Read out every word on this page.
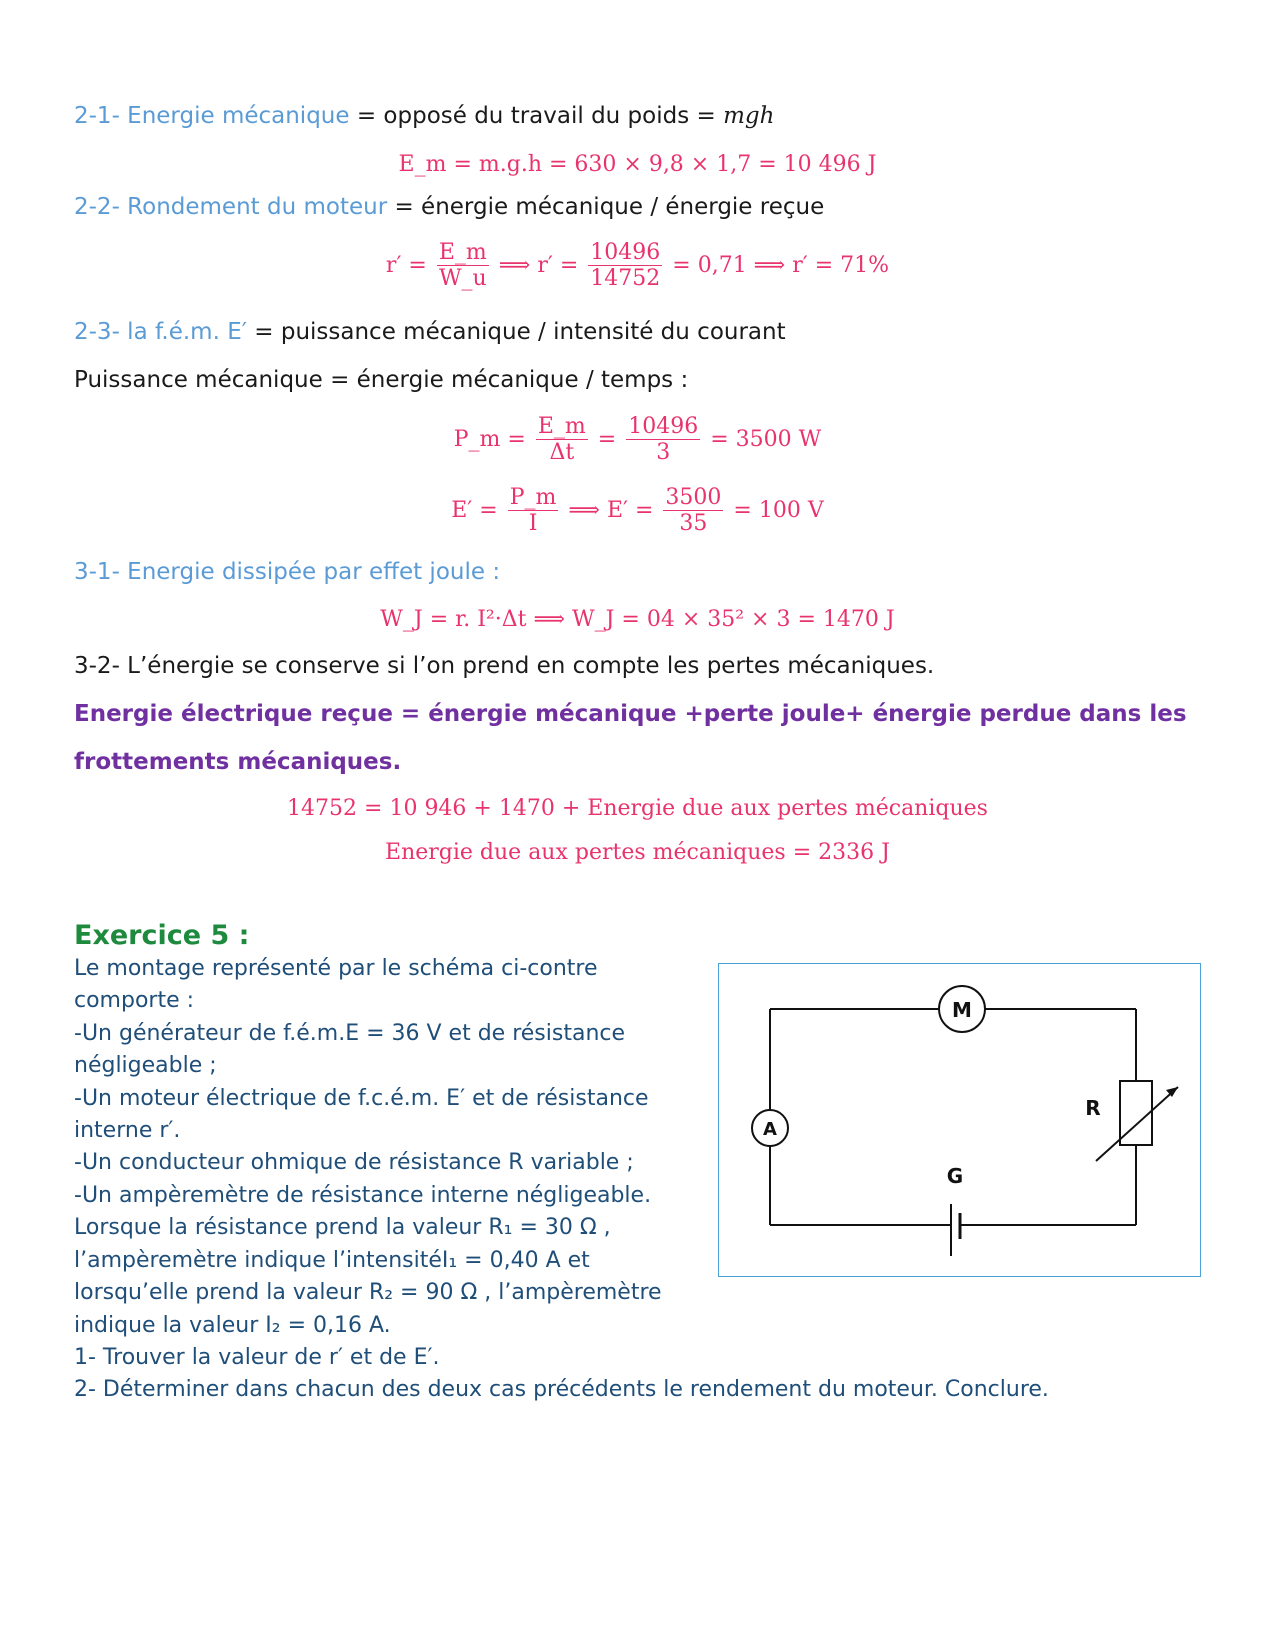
2-1- Energie mécanique = opposé du travail du poids = mgh
E_m = m.g.h = 630 × 9,8 × 1,7 = 10 496 J
2-2- Rondement du moteur = énergie mécanique / énergie reçue
$r' = \frac{E\_m}{W\_u}$ ⟹ $r' = \frac{10496}{14752} = 0,71$ ⟹ r′ = 71%
2-3- la f.é.m. E′ = puissance mécanique / intensité du courant
Puissance mécanique = énergie mécanique / temps :
P_m = $\frac{E\_m}{\Delta t} = \frac{10496}{3} = 3500$ W
$E' = \frac{P\_m}{I}$ ⟹ $E' = \frac{3500}{35} = 100$ V
3-1- Energie dissipée par effet joule :
W_J = r. I²·Δt ⟹ W_J = 04 × 35² × 3 = 1470 J
3-2- L’énergie se conserve si l’on prend en compte les pertes mécaniques.
Energie électrique reçue = énergie mécanique +perte joule+ énergie perdue dans les
frottements mécaniques.
14752 = 10 946 + 1470 + Energie due aux pertes mécaniques
Energie due aux pertes mécaniques = 2336 J
Exercice 5 :
Le montage représenté par le schéma ci-contre
comporte :
-Un générateur de f.é.m.E = 36 V et de résistance
négligeable ;
-Un moteur électrique de f.c.é.m. E′ et de résistance
interne r′.
-Un conducteur ohmique de résistance R variable ;
-Un ampèremètre de résistance interne négligeable.
Lorsque la résistance prend la valeur R₁ = 30 Ω ,
l’ampèremètre indique l’intensitéI₁ = 0,40 A et
lorsqu’elle prend la valeur R₂ = 90 Ω , l’ampèremètre
indique la valeur I₂ = 0,16 A.
1- Trouver la valeur de r′ et de E′.
2- Déterminer dans chacun des deux cas précédents le rendement du moteur. Conclure.
M
A
R
G
